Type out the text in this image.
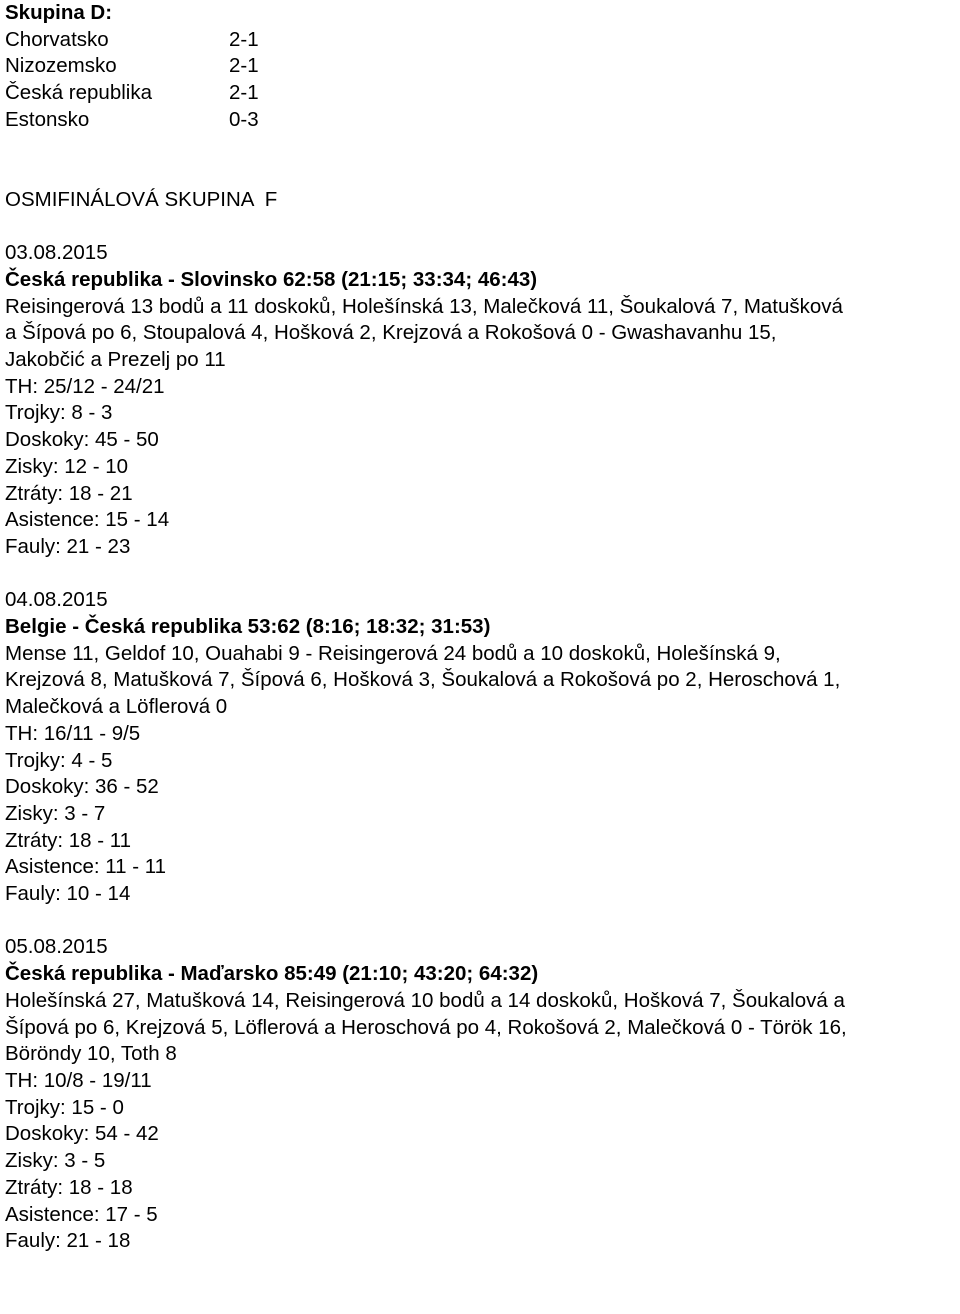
Skupina D:
Chorvatsko	2-1
Nizozemsko	2-1
Česká republika	2-1
Estonsko	0-3
OSMIFINÁLOVÁ SKUPINA  F
03.08.2015
Česká republika - Slovinsko 62:58 (21:15; 33:34; 46:43)
Reisingerová 13 bodů a 11 doskoků, Holešínská 13, Malečková 11, Šoukalová 7, Matušková
a Šípová po 6, Stoupalová 4, Hošková 2, Krejzová a Rokošová 0 - Gwashavanhu 15,
Jakobčić a Prezelj po 11
TH: 25/12 - 24/21
Trojky: 8 - 3
Doskoky: 45 - 50
Zisky: 12 - 10
Ztráty: 18 - 21
Asistence: 15 - 14
Fauly: 21 - 23
04.08.2015
Belgie - Česká republika 53:62 (8:16; 18:32; 31:53)
Mense 11, Geldof 10, Ouahabi 9 - Reisingerová 24 bodů a 10 doskoků, Holešínská 9,
Krejzová 8, Matušková 7, Šípová 6, Hošková 3, Šoukalová a Rokošová po 2, Heroschová 1,
Malečková a Löflerová 0
TH: 16/11 - 9/5
Trojky: 4 - 5
Doskoky: 36 - 52
Zisky: 3 - 7
Ztráty: 18 - 11
Asistence: 11 - 11
Fauly: 10 - 14
05.08.2015
Česká republika - Maďarsko 85:49 (21:10; 43:20; 64:32)
Holešínská 27, Matušková 14, Reisingerová 10 bodů a 14 doskoků, Hošková 7, Šoukalová a
Šípová po 6, Krejzová 5, Löflerová a Heroschová po 4, Rokošová 2, Malečková 0 - Török 16,
Böröndy 10, Toth 8
TH: 10/8 - 19/11
Trojky: 15 - 0
Doskoky: 54 - 42
Zisky: 3 - 5
Ztráty: 18 - 18
Asistence: 17 - 5
Fauly: 21 - 18
